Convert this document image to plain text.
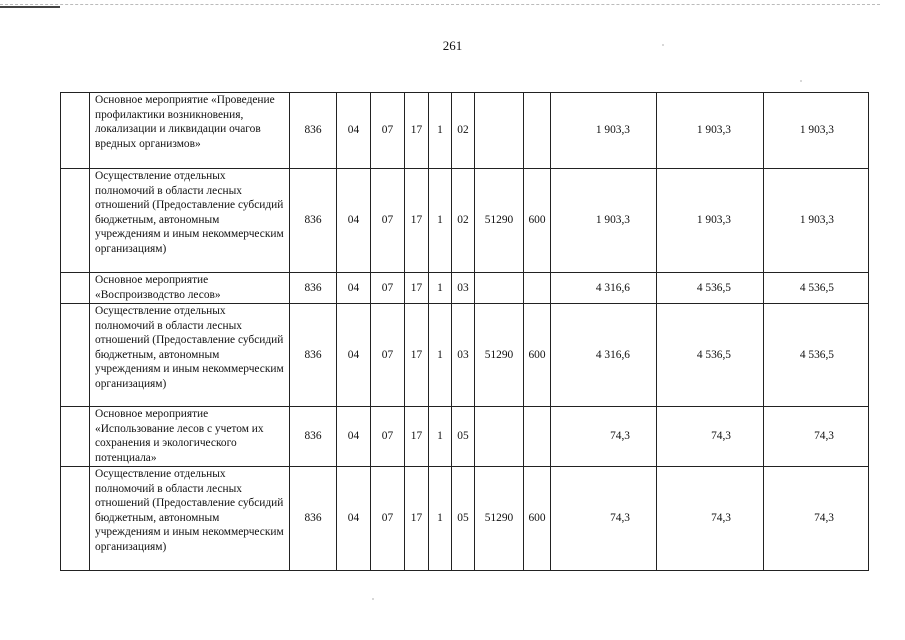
261
	Основное мероприятие «Проведение профилактики возникновения, локализации и ликвидации очагов вредных организмов»	836	04	07	17	1	02			1 903,3	1 903,3	1 903,3
	Осуществление отдельных полномочий в области лесных отношений (Предоставление субсидий бюджетным, автономным учреждениям и иным некоммерческим организациям)	836	04	07	17	1	02	51290	600	1 903,3	1 903,3	1 903,3
	Основное мероприятие «Воспроизводство лесов»	836	04	07	17	1	03			4 316,6	4 536,5	4 536,5
	Осуществление отдельных полномочий в области лесных отношений (Предоставление субсидий бюджетным, автономным учреждениям и иным некоммерческим организациям)	836	04	07	17	1	03	51290	600	4 316,6	4 536,5	4 536,5
	Основное мероприятие «Использование лесов с учетом их сохранения и экологического потенциала»	836	04	07	17	1	05			74,3	74,3	74,3
	Осуществление отдельных полномочий в области лесных отношений (Предоставление субсидий бюджетным, автономным учреждениям и иным некоммерческим организациям)	836	04	07	17	1	05	51290	600	74,3	74,3	74,3
